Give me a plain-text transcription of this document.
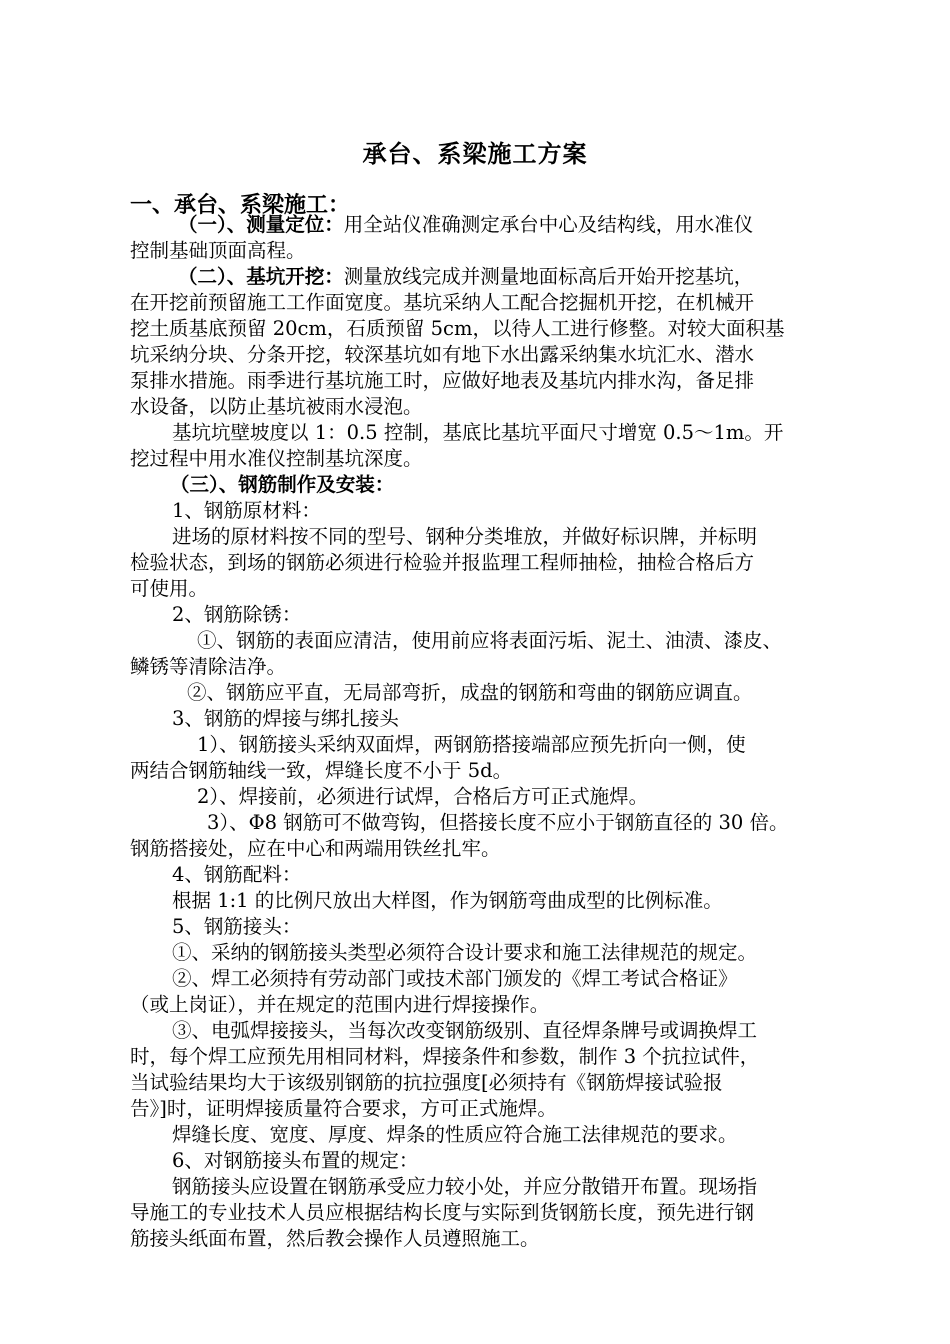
承台、系梁施工方案
一、承台、系梁施工：
（一）、测量定位：用全站仪准确测定承台中心及结构线，用水准仪
控制基础顶面高程。
（二）、基坑开挖：测量放线完成并测量地面标高后开始开挖基坑，
在开挖前预留施工工作面宽度。基坑采纳人工配合挖掘机开挖，在机械开
挖土质基底预留 20cm，石质预留 5cm，以待人工进行修整。对较大面积基
坑采纳分块、分条开挖，较深基坑如有地下水出露采纳集水坑汇水、潜水
泵排水措施。雨季进行基坑施工时，应做好地表及基坑内排水沟，备足排
水设备，以防止基坑被雨水浸泡。
基坑坑壁坡度以 1：0.5 控制，基底比基坑平面尺寸增宽 0.5～1m。开
挖过程中用水准仪控制基坑深度。
（三）、钢筋制作及安装：
1、钢筋原材料：
进场的原材料按不同的型号、钢种分类堆放，并做好标识牌，并标明
检验状态，到场的钢筋必须进行检验并报监理工程师抽检，抽检合格后方
可使用。
2、钢筋除锈：
①、钢筋的表面应清洁，使用前应将表面污垢、泥土、油渍、漆皮、
鳞锈等清除洁净。
②、钢筋应平直，无局部弯折，成盘的钢筋和弯曲的钢筋应调直。
3、钢筋的焊接与绑扎接头
1）、钢筋接头采纳双面焊，两钢筋搭接端部应预先折向一侧，使
两结合钢筋轴线一致，焊缝长度不小于 5d。
2）、焊接前，必须进行试焊，合格后方可正式施焊。
3）、Φ8 钢筋可不做弯钩，但搭接长度不应小于钢筋直径的 30 倍。
钢筋搭接处，应在中心和两端用铁丝扎牢。
4、钢筋配料：
根据 1:1 的比例尺放出大样图，作为钢筋弯曲成型的比例标准。
5、钢筋接头：
①、采纳的钢筋接头类型必须符合设计要求和施工法律规范的规定。
②、焊工必须持有劳动部门或技术部门颁发的《焊工考试合格证》
（或上岗证），并在规定的范围内进行焊接操作。
③、电弧焊接接头，当每次改变钢筋级别、直径焊条牌号或调换焊工
时，每个焊工应预先用相同材料，焊接条件和参数，制作 3 个抗拉试件，
当试验结果均大于该级别钢筋的抗拉强度[必须持有《钢筋焊接试验报
告》]时，证明焊接质量符合要求，方可正式施焊。
焊缝长度、宽度、厚度、焊条的性质应符合施工法律规范的要求。
6、对钢筋接头布置的规定：
钢筋接头应设置在钢筋承受应力较小处，并应分散错开布置。现场指
导施工的专业技术人员应根据结构长度与实际到货钢筋长度，预先进行钢
筋接头纸面布置，然后教会操作人员遵照施工。
